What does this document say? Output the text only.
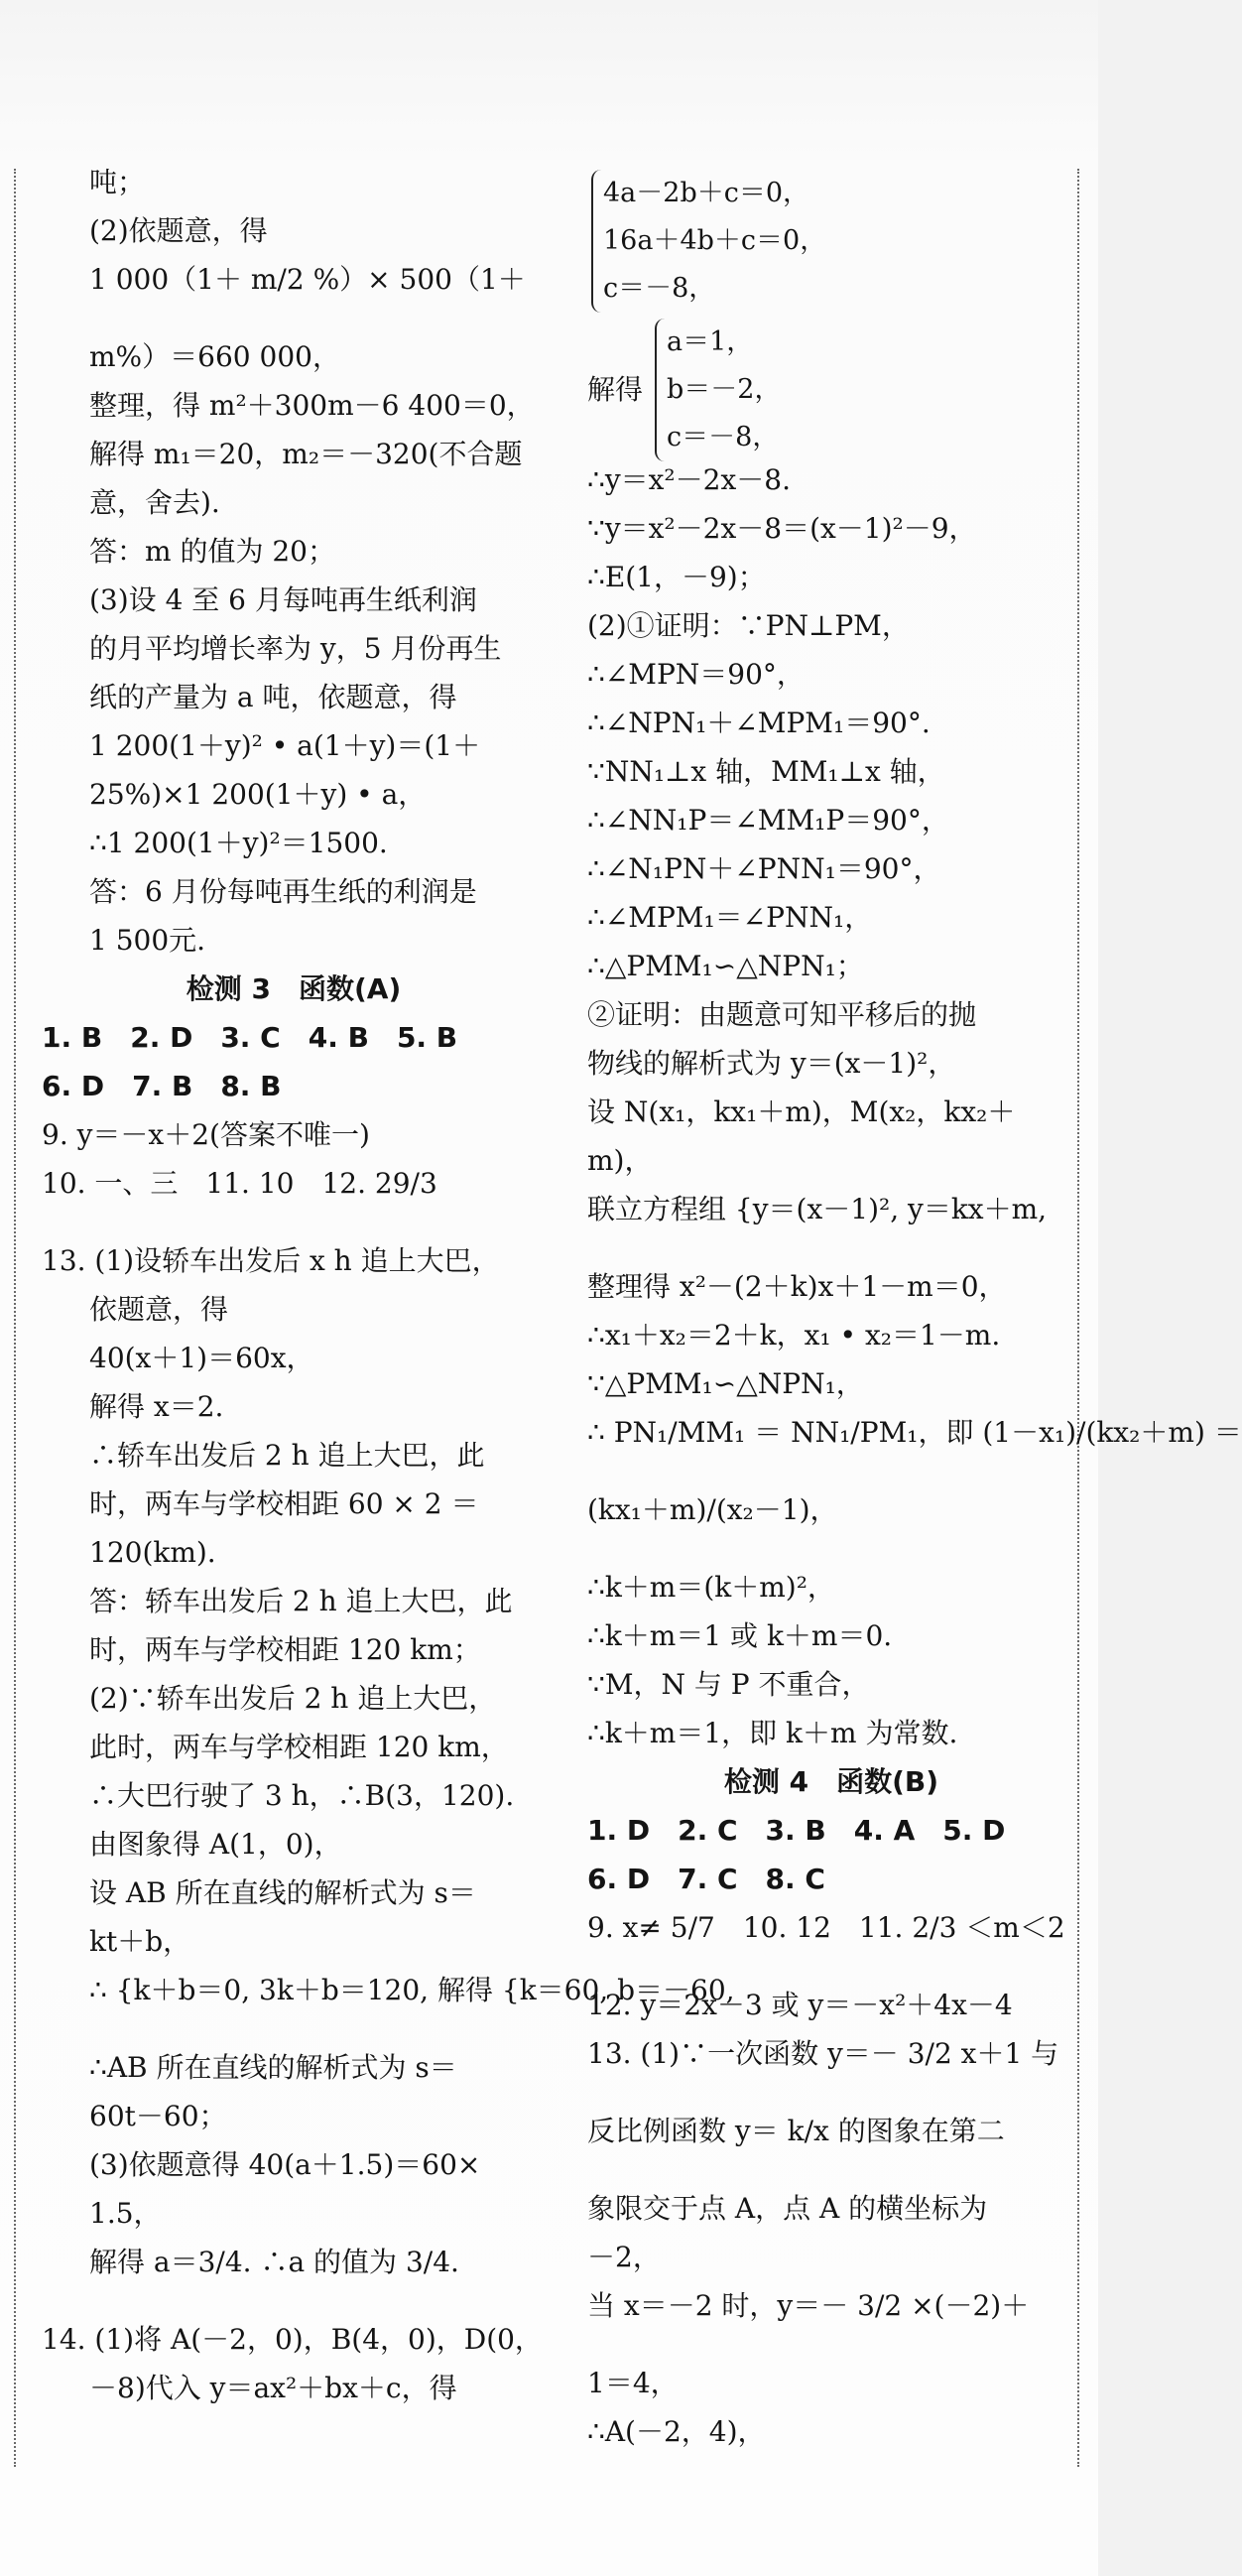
吨；
(2)依题意，得
1 000（1＋ m/2 %）× 500（1＋
m%）＝660 000，
整理，得 m²＋300m－6 400＝0，
解得 m₁＝20，m₂＝－320(不合题
意，舍去).
答：m 的值为 20；
(3)设 4 至 6 月每吨再生纸利润
的月平均增长率为 y，5 月份再生
纸的产量为 a 吨，依题意，得
1 200(1＋y)² • a(1＋y)＝(1＋
25%)×1 200(1＋y) • a，
∴1 200(1＋y)²＝1500.
答：6 月份每吨再生纸的利润是
1 500元.
检测 3　函数(A)
1. B　2. D　3. C　4. B　5. B
6. D　7. B　8. B
9. y＝－x＋2(答案不唯一)
10. 一、三　11. 10　12. 29/3
13. (1)设轿车出发后 x h 追上大巴，
依题意，得
40(x＋1)＝60x，
解得 x＝2.
∴轿车出发后 2 h 追上大巴，此
时，两车与学校相距 60 × 2 ＝
120(km).
答：轿车出发后 2 h 追上大巴，此
时，两车与学校相距 120 km；
(2)∵轿车出发后 2 h 追上大巴，
此时，两车与学校相距 120 km，
∴大巴行驶了 3 h，∴B(3，120).
由图象得 A(1，0)，
设 AB 所在直线的解析式为 s＝
kt＋b，
∴ {k＋b＝0, 3k＋b＝120, 解得 {k＝60, b＝－60,
∴AB 所在直线的解析式为 s＝
60t－60；
(3)依题意得 40(a＋1.5)＝60×
1.5，
解得 a＝3/4. ∴a 的值为 3/4.
14. (1)将 A(－2，0)，B(4，0)，D(0，
－8)代入 y＝ax²＋bx＋c，得
4a－2b＋c＝0，
16a＋4b＋c＝0，
c＝－8，
解得
a＝1，
b＝－2，
c＝－8，
∴y＝x²－2x－8.
∵y＝x²－2x－8＝(x－1)²－9，
∴E(1，－9)；
(2)①证明：∵PN⊥PM，
∴∠MPN＝90°，
∴∠NPN₁＋∠MPM₁＝90°.
∵NN₁⊥x 轴，MM₁⊥x 轴，
∴∠NN₁P＝∠MM₁P＝90°，
∴∠N₁PN＋∠PNN₁＝90°，
∴∠MPM₁＝∠PNN₁，
∴△PMM₁∽△NPN₁；
②证明：由题意可知平移后的抛
物线的解析式为 y＝(x－1)²，
设 N(x₁，kx₁＋m)，M(x₂，kx₂＋
m)，
联立方程组 {y＝(x－1)², y＝kx＋m,
整理得 x²－(2＋k)x＋1－m＝0，
∴x₁＋x₂＝2＋k，x₁ • x₂＝1－m.
∵△PMM₁∽△NPN₁，
∴ PN₁/MM₁ ＝ NN₁/PM₁，即 (1－x₁)/(kx₂＋m) ＝
(kx₁＋m)/(x₂－1)，
∴k＋m＝(k＋m)²，
∴k＋m＝1 或 k＋m＝0.
∵M，N 与 P 不重合，
∴k＋m＝1，即 k＋m 为常数.
检测 4　函数(B)
1. D　2. C　3. B　4. A　5. D
6. D　7. C　8. C
9. x≠ 5/7　10. 12　11. 2/3 ＜m＜2
12. y＝2x－3 或 y＝－x²＋4x－4
13. (1)∵一次函数 y＝－ 3/2 x＋1 与
反比例函数 y＝ k/x 的图象在第二
象限交于点 A，点 A 的横坐标为
－2，
当 x＝－2 时，y＝－ 3/2 ×(－2)＋
1＝4，
∴A(－2，4)，
